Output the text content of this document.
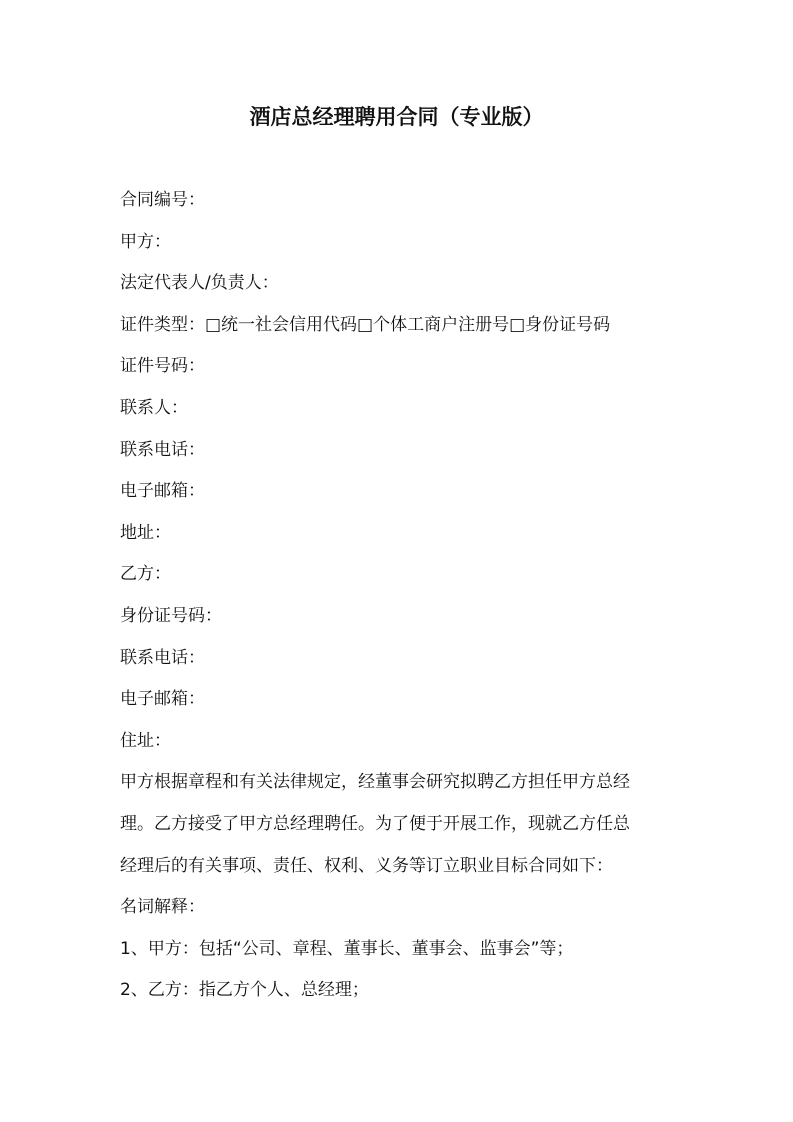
酒店总经理聘用合同（专业版）
合同编号：
甲方：
法定代表人/负责人：
证件类型：□统一社会信用代码□个体工商户注册号□身份证号码
证件号码：
联系人：
联系电话：
电子邮箱：
地址：
乙方：
身份证号码：
联系电话：
电子邮箱：
住址：
甲方根据章程和有关法律规定，经董事会研究拟聘乙方担任甲方总经
理。乙方接受了甲方总经理聘任。为了便于开展工作，现就乙方任总
经理后的有关事项、责任、权利、义务等订立职业目标合同如下：
名词解释：
1、甲方：包括“公司、章程、董事长、董事会、监事会”等；
2、乙方：指乙方个人、总经理；
